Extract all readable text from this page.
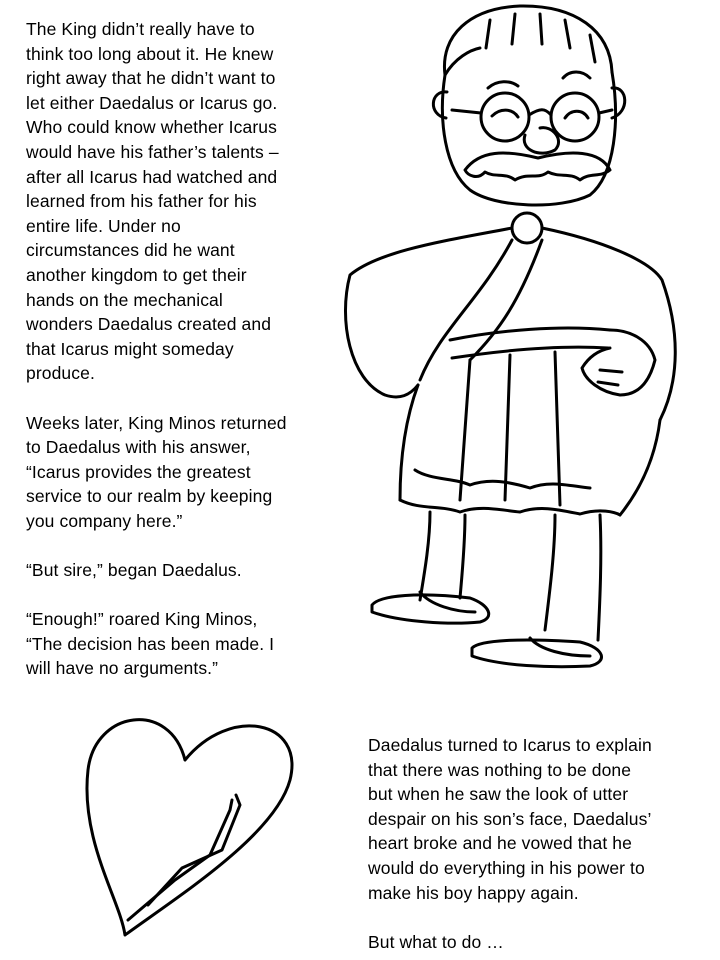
The King didn’t really have to
think too long about it. He knew
right away that he didn’t want to
let either Daedalus or Icarus go.
Who could know whether Icarus
would have his father’s talents –
after all Icarus had watched and
learned from his father for his
entire life. Under no
circumstances did he want
another kingdom to get their
hands on the mechanical
wonders Daedalus created and
that Icarus might someday
produce.

Weeks later, King Minos returned
to Daedalus with his answer,
“Icarus provides the greatest
service to our realm by keeping
you company here.”

“But sire,” began Daedalus.

“Enough!” roared King Minos,
“The decision has been made. I
will have no arguments.”

Daedalus turned to Icarus to explain
that there was nothing to be done
but when he saw the look of utter
despair on his son’s face, Daedalus’
heart broke and he vowed that he
would do everything in his power to
make his boy happy again.

But what to do …
